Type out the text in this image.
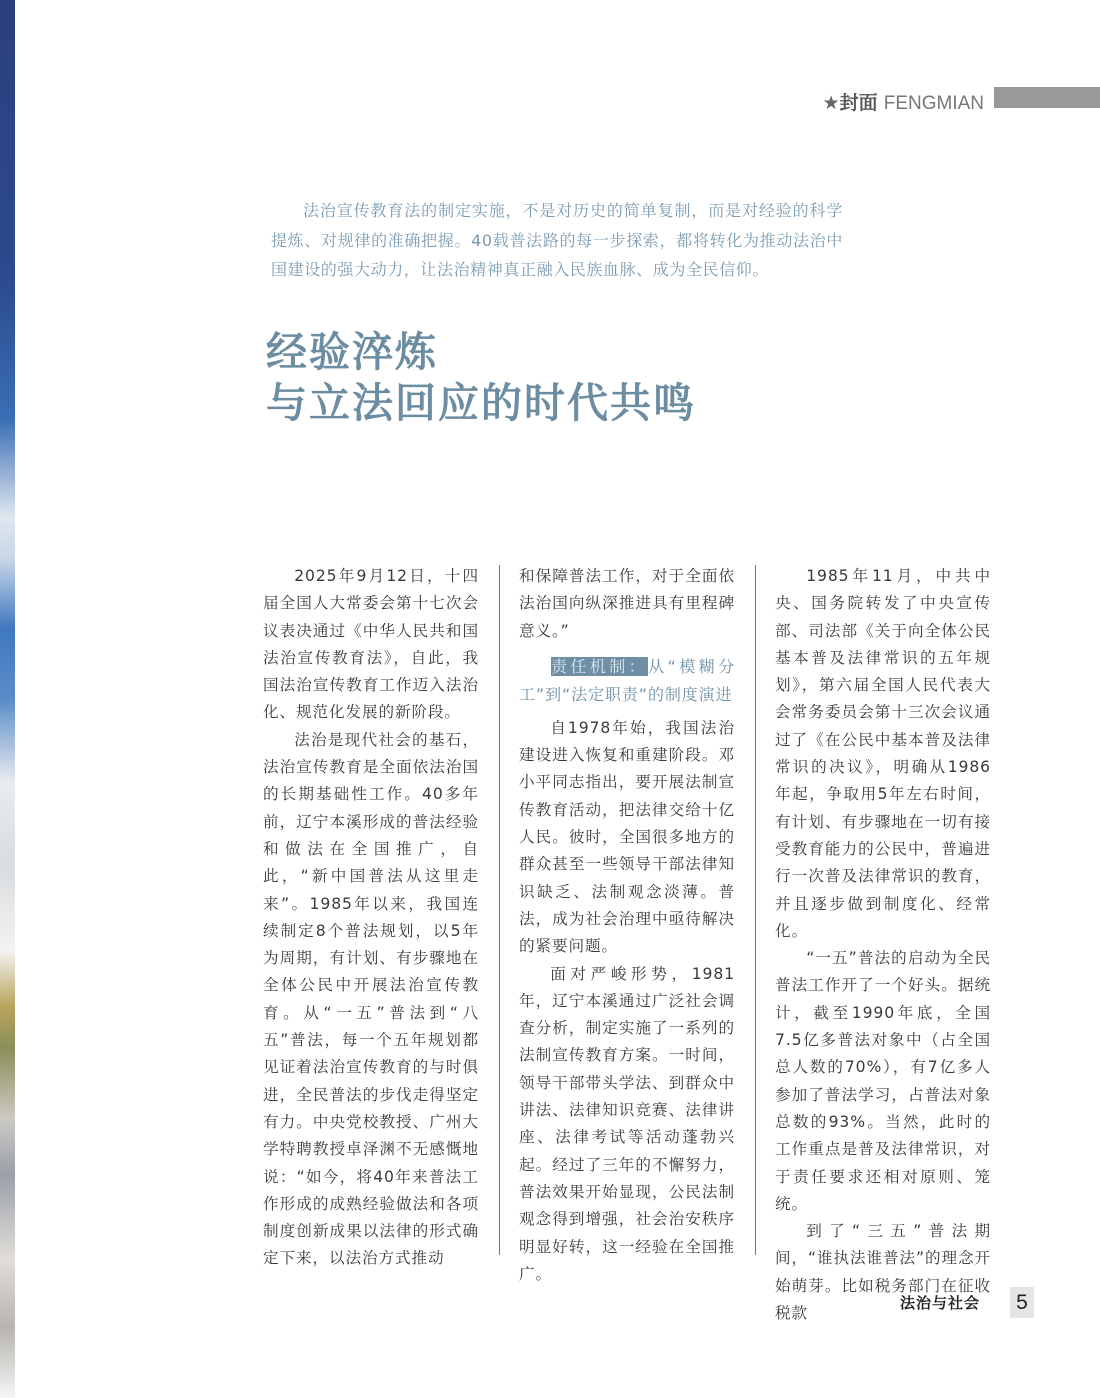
★封面 FENGMIAN

法治宣传教育法的制定实施，不是对历史的简单复制，而是对经验的科学提炼、对规律的准确把握。40载普法路的每一步探索，都将转化为推动法治中国建设的强大动力，让法治精神真正融入民族血脉、成为全民信仰。

经验淬炼
与立法回应的时代共鸣

2025年9月12日，十四届全国人大常委会第十七次会议表决通过《中华人民共和国法治宣传教育法》，自此，我国法治宣传教育工作迈入法治化、规范化发展的新阶段。

法治是现代社会的基石，法治宣传教育是全面依法治国的长期基础性工作。40多年前，辽宁本溪形成的普法经验和做法在全国推广，自此，“新中国普法从这里走来”。1985年以来，我国连续制定8个普法规划，以5年为周期，有计划、有步骤地在全体公民中开展法治宣传教育。从“一五”普法到“八五”普法，每一个五年规划都见证着法治宣传教育的与时俱进，全民普法的步伐走得坚定有力。中央党校教授、广州大学特聘教授卓泽渊不无感慨地说：“如今，将40年来普法工作形成的成熟经验做法和各项制度创新成果以法律的形式确定下来，以法治方式推动

和保障普法工作，对于全面依法治国向纵深推进具有里程碑意义。”

责任机制：从“模糊分工”到“法定职责”的制度演进

自1978年始，我国法治建设进入恢复和重建阶段。邓小平同志指出，要开展法制宣传教育活动，把法律交给十亿人民。彼时，全国很多地方的群众甚至一些领导干部法律知识缺乏、法制观念淡薄。普法，成为社会治理中亟待解决的紧要问题。

面对严峻形势，1981年，辽宁本溪通过广泛社会调查分析，制定实施了一系列的法制宣传教育方案。一时间，领导干部带头学法、到群众中讲法、法律知识竞赛、法律讲座、法律考试等活动蓬勃兴起。经过了三年的不懈努力，普法效果开始显现，公民法制观念得到增强，社会治安秩序明显好转，这一经验在全国推广。

1985年11月，中共中央、国务院转发了中央宣传部、司法部《关于向全体公民基本普及法律常识的五年规划》，第六届全国人民代表大会常务委员会第十三次会议通过了《在公民中基本普及法律常识的决议》，明确从1986年起，争取用5年左右时间，有计划、有步骤地在一切有接受教育能力的公民中，普遍进行一次普及法律常识的教育，并且逐步做到制度化、经常化。

“一五”普法的启动为全民普法工作开了一个好头。据统计，截至1990年底，全国7.5亿多普法对象中（占全国总人数的70%），有7亿多人参加了普法学习，占普法对象总数的93%。当然，此时的工作重点是普及法律常识，对于责任要求还相对原则、笼统。

到了“三五”普法期间，“谁执法谁普法”的理念开始萌芽。比如税务部门在征收税款

法治与社会 5
